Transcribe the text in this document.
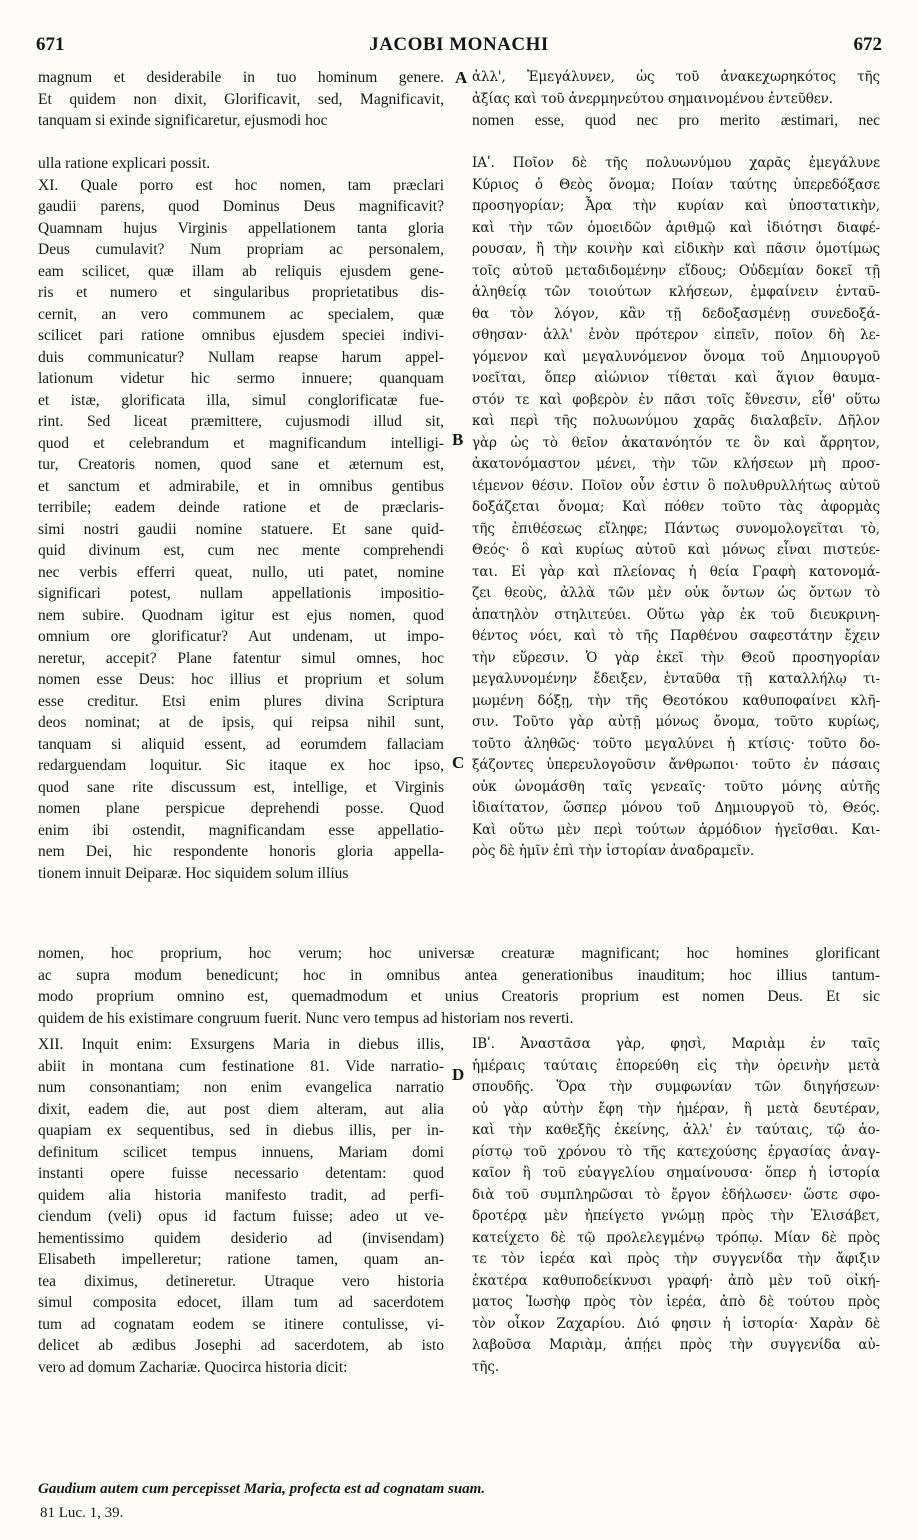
671	JACOBI MONACHI	672
magnum et desiderabile in tuo hominum genere.
Et quidem non dixit, Glorificavit, sed, Magnificavit,
tanquam si exinde significaretur, ejusmodi hoc
ulla ratione explicari possit.
XI. Quale porro est hoc nomen, tam præclari
gaudii parens, quod Dominus Deus magnificavit?
Quamnam hujus Virginis appellationem tanta gloria
Deus cumulavit? Num propriam ac personalem,
eam scilicet, quæ illam ab reliquis ejusdem gene-
ris et numero et singularibus proprietatibus dis-
cernit, an vero communem ac specialem, quæ
scilicet pari ratione omnibus ejusdem speciei indivi-
duis communicatur? Nullam reapse harum appel-
lationum videtur hic sermo innuere; quanquam
et istæ, glorificata illa, simul conglorificatæ fue-
rint. Sed liceat præmittere, cujusmodi illud sit,
quod et celebrandum et magnificandum intelligi-
tur, Creatoris nomen, quod sane et æternum est,
et sanctum et admirabile, et in omnibus gentibus
terribile; eadem deinde ratione et de præclaris-
simi nostri gaudii nomine statuere. Et sane quid-
quid divinum est, cum nec mente comprehendi
nec verbis efferri queat, nullo, uti patet, nomine
significari potest, nullam appellationis impositio-
nem subire. Quodnam igitur est ejus nomen, quod
omnium ore glorificatur? Aut undenam, ut impo-
neretur, accepit? Plane fatentur simul omnes, hoc
nomen esse Deus: hoc illius et proprium et solum
esse creditur. Etsi enim plures divina Scriptura
deos nominat; at de ipsis, qui reipsa nihil sunt,
tanquam si aliquid essent, ad eorumdem fallaciam
redarguendam loquitur. Sic itaque ex hoc ipso,
quod sane rite discussum est, intellige, et Virginis
nomen plane perspicue deprehendi posse. Quod
enim ibi ostendit, magnificandam esse appellatio-
nem Dei, hic respondente honoris gloria appella-
tionem innuit Deiparæ. Hoc siquidem solum illius
ἀλλ', Ἐμεγάλυνεν, ὡς τοῦ ἀνακεχωρηκότος τῆς
ἀξίας καὶ τοῦ ἀνερμηνεύτου σημαινομένου ἐντεῦθεν.
ΙΑʹ. Ποῖον δὲ τῆς πολυωνύμου χαρᾶς ἐμεγάλυνε
Κύριος ὁ Θεὸς ὄνομα; Ποίαν ταύτης ὑπερεδόξασε
προσηγορίαν; Ἆρα τὴν κυρίαν καὶ ὑποστατικὴν,
καὶ τὴν τῶν ὁμοειδῶν ἀριθμῷ καὶ ἰδιότησι διαφέ-
ρουσαν, ἢ τὴν κοινὴν καὶ εἰδικὴν καὶ πᾶσιν ὁμοτίμως
τοῖς αὐτοῦ μεταδιδομένην εἴδους; Οὐδεμίαν δοκεῖ τῇ
ἀληθείᾳ τῶν τοιούτων κλήσεων, ἐμφαίνειν ἐνταῦ-
θα τὸν λόγον, κἂν τῇ δεδοξασμένῃ συνεδοξά-
σθησαν· ἀλλ' ἐνὸν πρότερον εἰπεῖν, ποῖον δὴ λε-
γόμενον καὶ μεγαλυνόμενον ὄνομα τοῦ Δημιουργοῦ
νοεῖται, ὅπερ αἰώνιον τίθεται καὶ ἅγιον θαυμα-
στόν τε καὶ φοβερὸν ἐν πᾶσι τοῖς ἔθνεσιν, εἶθ' οὕτω
καὶ περὶ τῆς πολυωνύμου χαρᾶς διαλαβεῖν. Δῆλον
γὰρ ὡς τὸ θεῖον ἀκατανόητόν τε ὂν καὶ ἄρρητον,
ἀκατονόμαστον μένει, τὴν τῶν κλήσεων μὴ προσ-
ιέμενον θέσιν. Ποῖον οὖν ἐστιν ὃ πολυθρυλλήτως αὐτοῦ
δοξάζεται ὄνομα; Καὶ πόθεν τοῦτο τὰς ἀφορμὰς
τῆς ἐπιθέσεως εἴληφε; Πάντως συνομολογεῖται τὸ,
Θεός· ὃ καὶ κυρίως αὐτοῦ καὶ μόνως εἶναι πιστεύε-
ται. Εἰ γὰρ καὶ πλείονας ἡ θεία Γραφὴ κατονομά-
ζει θεοὺς, ἀλλὰ τῶν μὲν οὐκ ὄντων ὡς ὄντων τὸ
ἀπατηλὸν στηλιτεύει. Οὕτω γὰρ ἐκ τοῦ διευκρινη-
θέντος νόει, καὶ τὸ τῆς Παρθένου σαφεστάτην ἔχειν
τὴν εὕρεσιν. Ὁ γὰρ ἐκεῖ τὴν Θεοῦ προσηγορίαν
μεγαλυνομένην ἔδειξεν, ἐνταῦθα τῇ καταλλήλῳ τι-
μωμένη δόξῃ, τὴν τῆς Θεοτόκου καθυποφαίνει κλῆ-
σιν. Τοῦτο γὰρ αὐτῇ μόνως ὄνομα, τοῦτο κυρίως,
τοῦτο ἀληθῶς· τοῦτο μεγαλύνει ἡ κτίσις· τοῦτο δο-
ξάζοντες ὑπερευλογοῦσιν ἄνθρωποι· τοῦτο ἐν πάσαις
οὐκ ὠνομάσθη ταῖς γενεαῖς· τοῦτο μόνης αὐτῆς
ἰδιαίτατον, ὥσπερ μόνου τοῦ Δημιουργοῦ τὸ, Θεός.
Καὶ οὕτω μὲν περὶ τούτων ἁρμόδιον ἡγεῖσθαι. Και-
ρὸς δὲ ἡμῖν ἐπὶ τὴν ἱστορίαν ἀναδραμεῖν.
nomen esse, quod nec pro merito æstimari, nec
nomen, hoc proprium, hoc verum; hoc universæ creaturæ magnificant; hoc homines glorificant
ac supra modum benedicunt; hoc in omnibus antea generationibus inauditum; hoc illius tantum-
modo proprium omnino est, quemadmodum et unius Creatoris proprium est nomen Deus. Et sic
quidem de his existimare congruum fuerit. Nunc vero tempus ad historiam nos reverti.
XII. Inquit enim: Exsurgens Maria in diebus illis,
abiit in montana cum festinatione 81. Vide narratio-
num consonantiam; non enim evangelica narratio
dixit, eadem die, aut post diem alteram, aut alia
quapiam ex sequentibus, sed in diebus illis, per in-
definitum scilicet tempus innuens, Mariam domi
instanti opere fuisse necessario detentam: quod
quidem alia historia manifesto tradit, ad perfi-
ciendum (veli) opus id factum fuisse; adeo ut ve-
hementissimo quidem desiderio ad (invisendam)
Elisabeth impelleretur; ratione tamen, quam an-
tea diximus, detineretur. Utraque vero historia
simul composita edocet, illam tum ad sacerdotem
tum ad cognatam eodem se itinere contulisse, vi-
delicet ab ædibus Josephi ad sacerdotem, ab isto
vero ad domum Zachariæ. Quocirca historia dicit:
ΙΒʹ. Ἀναστᾶσα γὰρ, φησὶ, Μαριὰμ ἐν ταῖς
ἡμέραις ταύταις ἐπορεύθη εἰς τὴν ὀρεινὴν μετὰ
σπουδῆς. Ὅρα τὴν συμφωνίαν τῶν διηγήσεων·
οὐ γὰρ αὐτὴν ἔφη τὴν ἡμέραν, ἢ μετὰ δευτέραν,
καὶ τὴν καθεξῆς ἐκείνης, ἀλλ' ἐν ταύταις, τῷ ἀο-
ρίστῳ τοῦ χρόνου τὸ τῆς κατεχούσης ἐργασίας ἀναγ-
καῖον ἢ τοῦ εὐαγγελίου σημαίνουσα· ὅπερ ἡ ἱστορία
διὰ τοῦ συμπληρῶσαι τὸ ἔργον ἐδήλωσεν· ὥστε σφο-
δροτέρᾳ μὲν ἠπείγετο γνώμῃ πρὸς τὴν Ἐλισάβετ,
κατείχετο δὲ τῷ προλελεγμένῳ τρόπῳ. Μίαν δὲ πρὸς
τε τὸν ἱερέα καὶ πρὸς τὴν συγγενίδα τὴν ἄφιξιν
ἑκατέρα καθυποδείκνυσι γραφή· ἀπὸ μὲν τοῦ οἰκή-
ματος Ἰωσὴφ πρὸς τὸν ἱερέα, ἀπὸ δὲ τούτου πρὸς
τὸν οἶκον Ζαχαρίου. Διό φησιν ἡ ἱστορία· Χαρὰν δὲ
λαβοῦσα Μαριὰμ, ἀπῄει πρὸς τὴν συγγενίδα αὐ-
τῆς.
A
B
C
D
Gaudium autem cum percepisset Maria, profecta est ad cognatam suam.
81 Luc. 1, 39.
